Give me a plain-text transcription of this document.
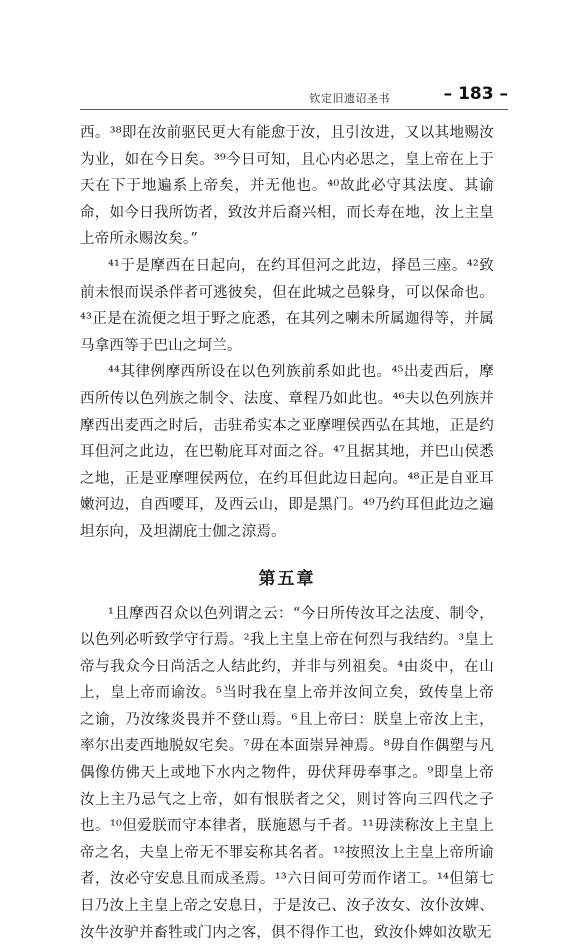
钦定旧遗诏圣书	– 183 –

西。³⁸即在汝前驱民更大有能愈于汝，且引汝进，又以其地赐汝为业，如在今日矣。³⁹今日可知，且心内必思之，皇上帝在上于天在下于地遍系上帝矣，并无他也。⁴⁰故此必守其法度、其谕命，如今日我所饬者，致汝并后裔兴相，而长寿在地，汝上主皇上帝所永赐汝矣。”

⁴¹于是摩西在日起向，在约耳但河之此边，择邑三座。⁴²致前未恨而误杀伴者可逃彼矣，但在此城之邑躲身，可以保命也。⁴³正是在流便之坦于野之庇悉，在其列之喇未所属迦得等，并属马拿西等于巴山之坷兰。

⁴⁴其律例摩西所设在以色列族前系如此也。⁴⁵出麦西后，摩西所传以色列族之制令、法度、章程乃如此也。⁴⁶夫以色列族并摩西出麦西之时后，击驻希实本之亚摩哩侯西弘在其地，正是约耳但河之此边，在巴勒庇耳对面之谷。⁴⁷且据其地，并巴山侯悉之地，正是亚摩哩侯两位，在约耳但此边日起向。⁴⁸正是自亚耳嫩河边，自西喓耳，及西云山，即是黑门。⁴⁹乃约耳但此边之遍坦东向，及坦湖庇士伽之涼焉。

第五章

¹且摩西召众以色列谓之云：“今日所传汝耳之法度、制令，以色列必听致学守行焉。²我上主皇上帝在何烈与我结约。³皇上帝与我众今日尚活之人结此约，并非与列祖矣。⁴由炎中，在山上，皇上帝而谕汝。⁵当时我在皇上帝并汝间立矣，致传皇上帝之谕，乃汝缘炎畏并不登山焉。⁶且上帝曰：朕皇上帝汝上主，率尔出麦西地脱奴宅矣。⁷毋在本面崇异神焉。⁸毋自作偶塑与凡偶像仿佛天上或地下水内之物件，毋伏拜毋奉事之。⁹即皇上帝汝上主乃忌气之上帝，如有恨朕者之父，则讨答向三四代之子也。¹⁰但爱朕而守本律者，朕施恩与千者。¹¹毋渎称汝上主皇上帝之名，夫皇上帝无不罪妄称其名者。¹²按照汝上主皇上帝所谕者，汝必守安息且而成圣焉。¹³六日间可劳而作诸工。¹⁴但第七日乃汝上主皇上帝之安息日，于是汝己、汝子汝女、汝仆汝婢、汝牛汝驴并畜牲或门内之客，俱不得作工也，致汝仆婢如汝歇无
